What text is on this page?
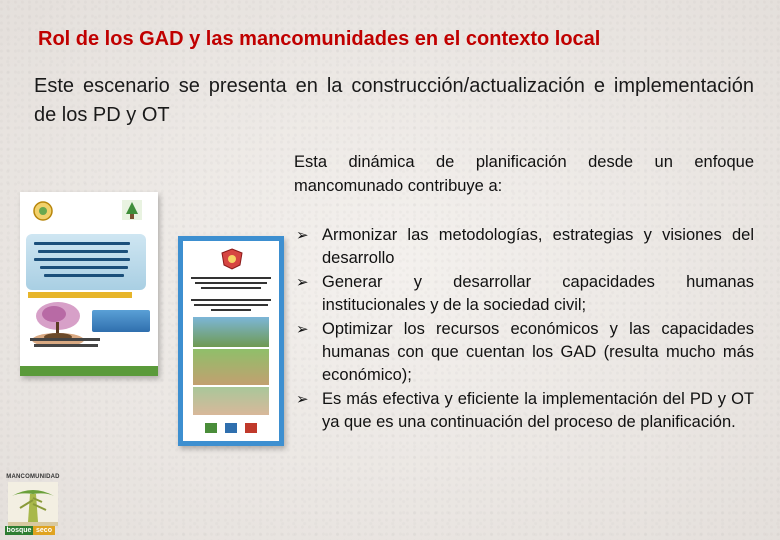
Rol de los GAD y las mancomunidades en el contexto local
Este escenario se presenta en la construcción/actualización e implementación de los PD y OT
Esta dinámica de planificación desde un enfoque mancomunado contribuye a:
➢ Armonizar las metodologías, estrategias y visiones del desarrollo
➢ Generar y desarrollar capacidades humanas institucionales y de la sociedad civil;
➢ Optimizar los recursos económicos y las capacidades humanas con que cuentan los GAD (resulta mucho más económico);
➢ Es más efectiva y eficiente la implementación del PD y OT ya que es una continuación del proceso de planificación.
MANCOMUNIDAD
bosque seco
